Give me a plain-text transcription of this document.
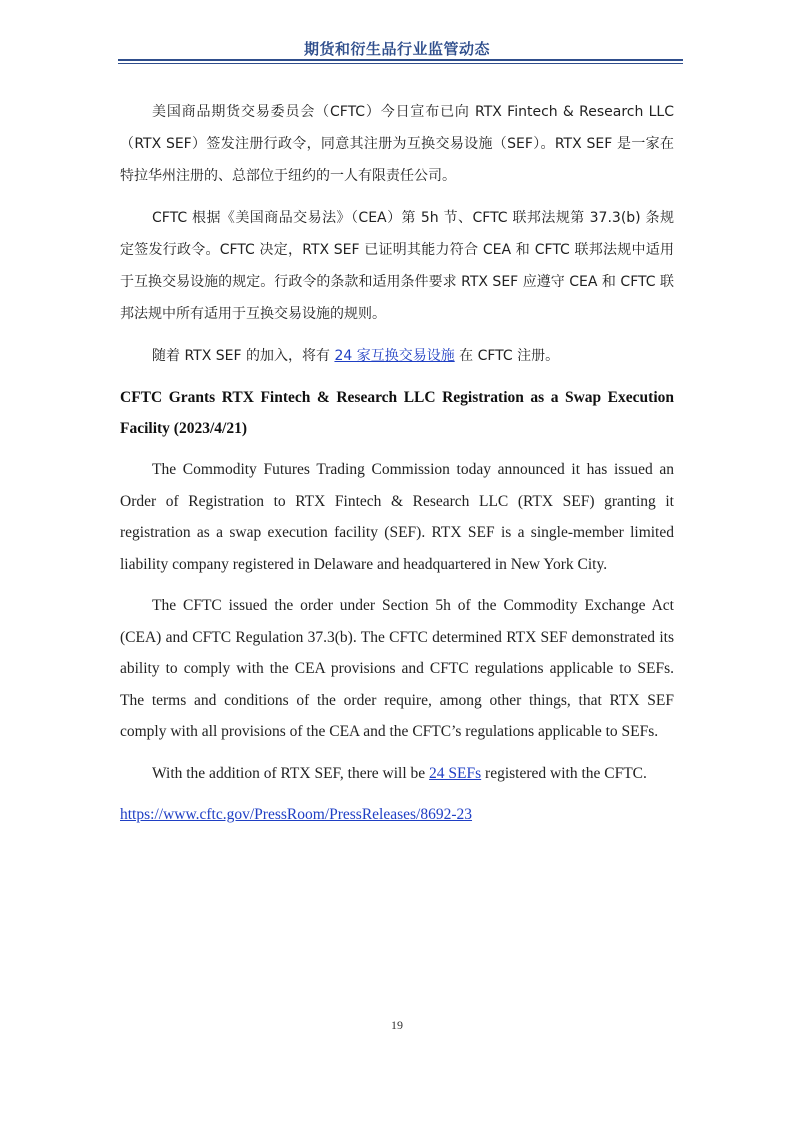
期货和衍生品行业监管动态

美国商品期货交易委员会（CFTC）今日宣布已向 RTX Fintech & Research LLC（RTX SEF）签发注册行政令，同意其注册为互换交易设施（SEF）。RTX SEF 是一家在特拉华州注册的、总部位于纽约的一人有限责任公司。

CFTC 根据《美国商品交易法》（CEA）第 5h 节、CFTC 联邦法规第 37.3(b) 条规定签发行政令。CFTC 决定，RTX SEF 已证明其能力符合 CEA 和 CFTC 联邦法规中适用于互换交易设施的规定。行政令的条款和适用条件要求 RTX SEF 应遵守 CEA 和 CFTC 联邦法规中所有适用于互换交易设施的规则。

随着 RTX SEF 的加入，将有 24 家互换交易设施 在 CFTC 注册。

CFTC Grants RTX Fintech & Research LLC Registration as a Swap Execution Facility (2023/4/21)

The Commodity Futures Trading Commission today announced it has issued an Order of Registration to RTX Fintech & Research LLC (RTX SEF) granting it registration as a swap execution facility (SEF). RTX SEF is a single-member limited liability company registered in Delaware and headquartered in New York City.

The CFTC issued the order under Section 5h of the Commodity Exchange Act (CEA) and CFTC Regulation 37.3(b). The CFTC determined RTX SEF demonstrated its ability to comply with the CEA provisions and CFTC regulations applicable to SEFs. The terms and conditions of the order require, among other things, that RTX SEF comply with all provisions of the CEA and the CFTC’s regulations applicable to SEFs.

With the addition of RTX SEF, there will be 24 SEFs registered with the CFTC.

https://www.cftc.gov/PressRoom/PressReleases/8692-23
19
